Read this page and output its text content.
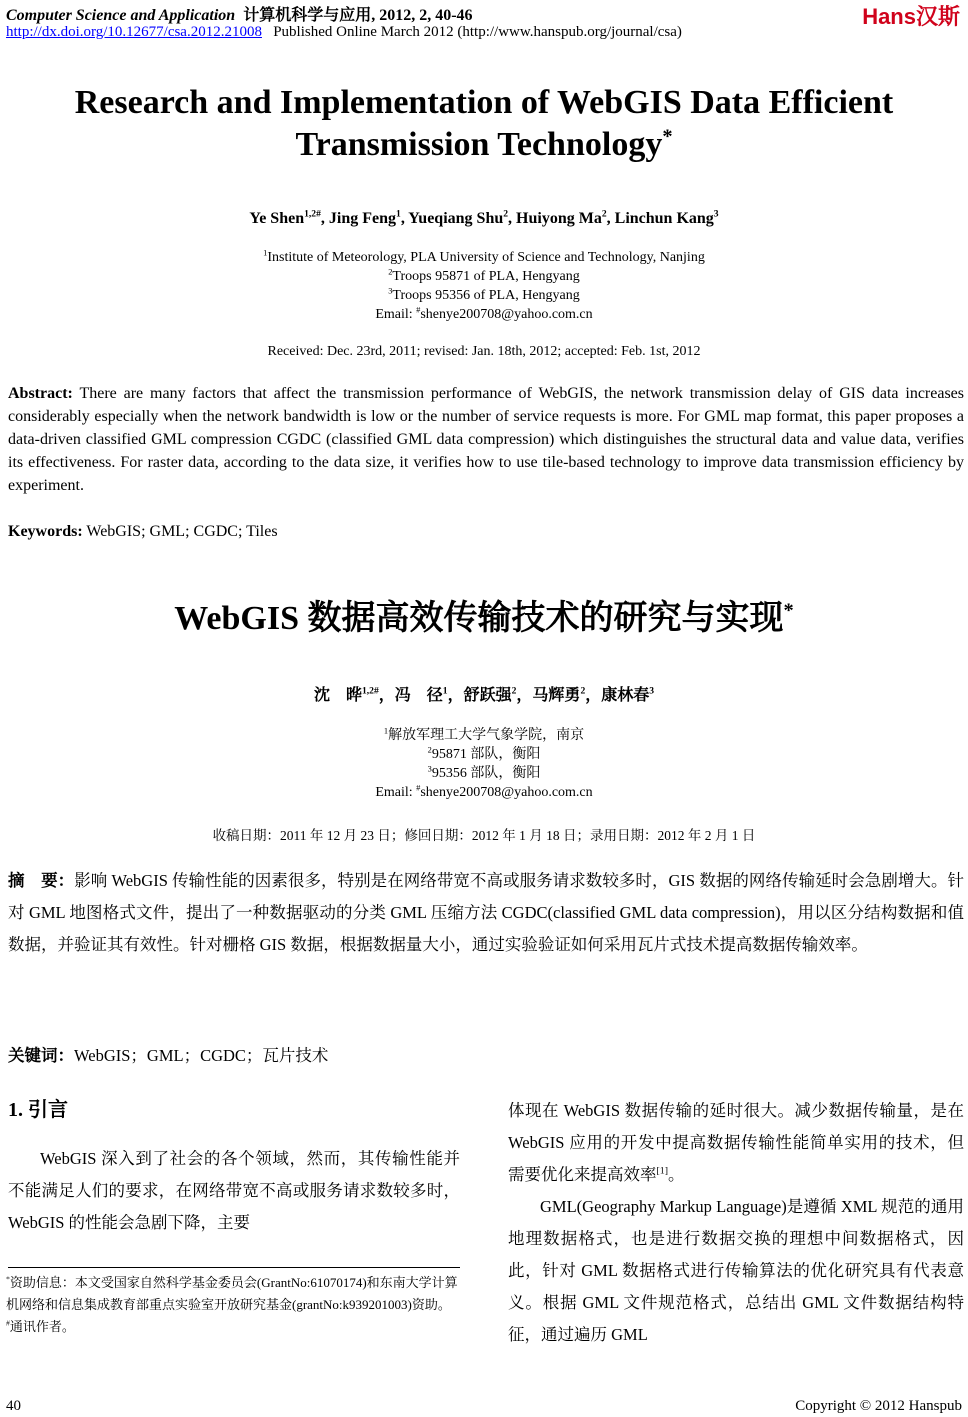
Computer Science and Application 计算机科学与应用, 2012, 2, 40-46
http://dx.doi.org/10.12677/csa.2012.21008 Published Online March 2012 (http://www.hanspub.org/journal/csa)
Hans汉斯
Research and Implementation of WebGIS Data Efficient
Transmission Technology*
Ye Shen$^{1,2\#}$, Jing Feng$^1$, Yueqiang Shu$^2$, Huiyong Ma$^2$, Linchun Kang$^3$
$^1$Institute of Meteorology, PLA University of Science and Technology, Nanjing
$^2$Troops 95871 of PLA, Hengyang
$^3$Troops 95356 of PLA, Hengyang
Email: #shenye200708@yahoo.com.cn
Received: Dec. 23rd, 2011; revised: Jan. 18th, 2012; accepted: Feb. 1st, 2012
Abstract: There are many factors that affect the transmission performance of WebGIS, the network transmission delay of GIS data increases considerably especially when the network bandwidth is low or the number of service requests is more. For GML map format, this paper proposes a data-driven classified GML compression CGDC (classified GML data compression) which distinguishes the structural data and value data, verifies its effectiveness. For raster data, according to the data size, it verifies how to use tile-based technology to improve data transmission efficiency by experiment.
Keywords: WebGIS; GML; CGDC; Tiles
WebGIS 数据高效传输技术的研究与实现*
沈　晔$^{1,2\#}$，冯　径$^1$，舒跃强$^2$，马辉勇$^2$，康林春$^3$
$^1$解放军理工大学气象学院，南京
$^2$95871 部队，衡阳
$^3$95356 部队，衡阳
Email: #shenye200708@yahoo.com.cn
收稿日期：2011 年 12 月 23 日；修回日期：2012 年 1 月 18 日；录用日期：2012 年 2 月 1 日
摘　要：影响 WebGIS 传输性能的因素很多，特别是在网络带宽不高或服务请求数较多时，GIS 数据的网络传输延时会急剧增大。针对 GML 地图格式文件，提出了一种数据驱动的分类 GML 压缩方法 CGDC(classified GML data compression)，用以区分结构数据和值数据，并验证其有效性。针对栅格 GIS 数据，根据数据量大小，通过实验验证如何采用瓦片式技术提高数据传输效率。
关键词：WebGIS；GML；CGDC；瓦片技术
1. 引言
WebGIS 深入到了社会的各个领域，然而，其传输性能并不能满足人们的要求，在网络带宽不高或服务请求数较多时，WebGIS 的性能会急剧下降，主要
体现在 WebGIS 数据传输的延时很大。减少数据传输量，是在 WebGIS 应用的开发中提高数据传输性能简单实用的技术，但需要优化来提高效率[1]。
GML(Geography Markup Language)是遵循 XML 规范的通用地理数据格式，也是进行数据交换的理想中间数据格式，因此，针对 GML 数据格式进行传输算法的优化研究具有代表意义。根据 GML 文件规范格式，总结出 GML 文件数据结构特征，通过遍历 GML
*资助信息：本文受国家自然科学基金委员会(GrantNo:61070174)和东南大学计算机网络和信息集成教育部重点实验室开放研究基金(grantNo:k939201003)资助。
#通讯作者。
40	Copyright © 2012 Hanspub
